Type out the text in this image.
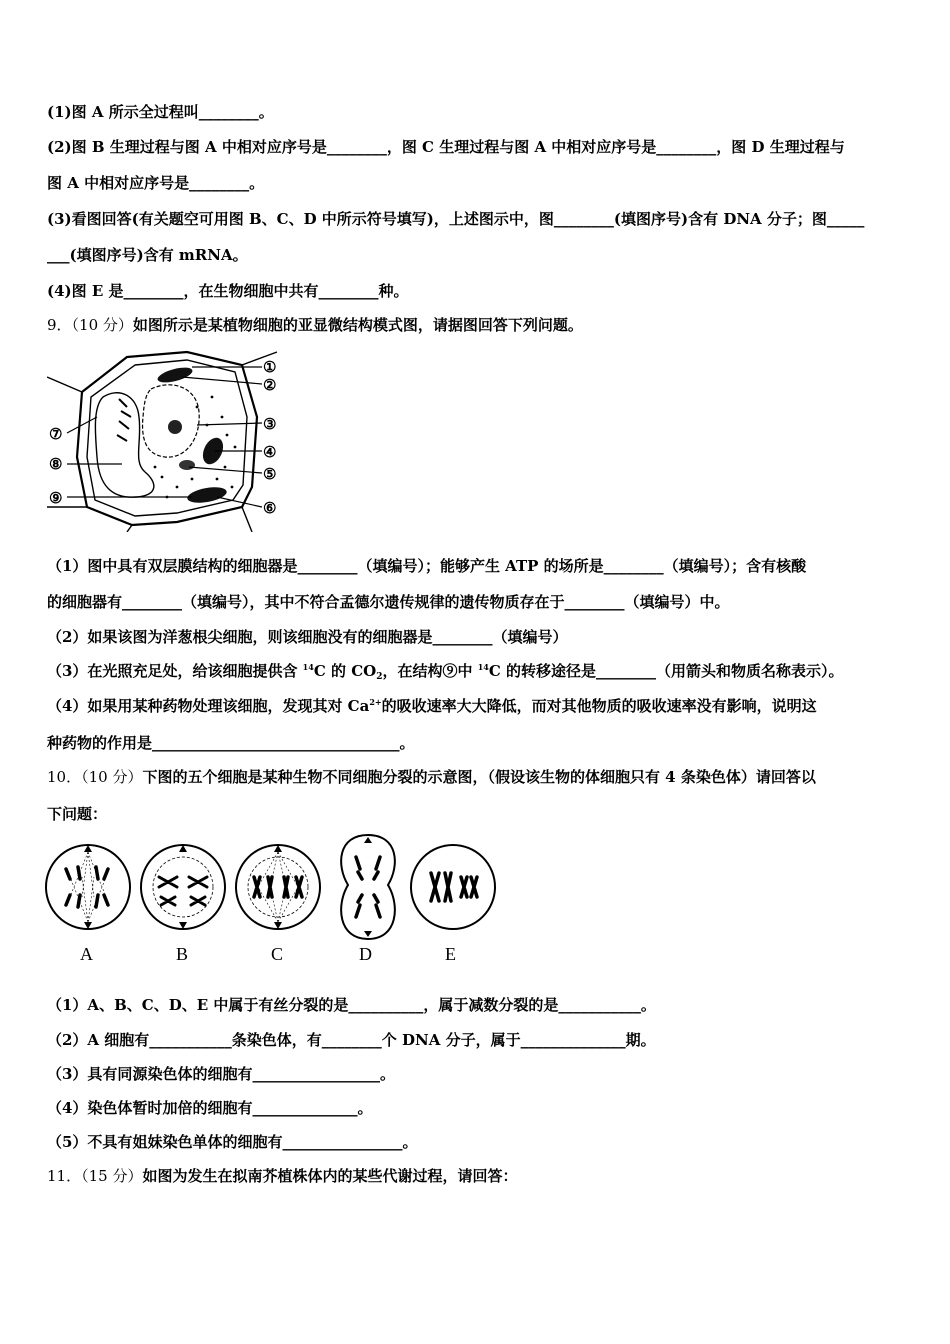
(1)图 A 所示全过程叫________。
(2)图 B 生理过程与图 A 中相对应序号是________，图 C 生理过程与图 A 中相对应序号是________，图 D 生理过程与
图 A 中相对应序号是________。
(3)看图回答(有关题空可用图 B、C、D 中所示符号填写)，上述图示中，图________(填图序号)含有 DNA 分子；图_____
___(填图序号)含有 mRNA。
(4)图 E 是________，在生物细胞中共有________种。
9．（10 分）如图所示是某植物细胞的亚显微结构模式图，请据图回答下列问题。
①
②
③
④
⑤
⑥
⑦
⑧
⑨
（1）图中具有双层膜结构的细胞器是________（填编号）；能够产生 ATP 的场所是________（填编号）；含有核酸
的细胞器有________（填编号），其中不符合孟德尔遗传规律的遗传物质存在于________（填编号）中。
（2）如果该图为洋葱根尖细胞，则该细胞没有的细胞器是________（填编号）
（3）在光照充足处，给该细胞提供含 $^{14}$C 的 $CO_2$，在结构⑨中 $^{14}$C 的转移途径是________（用箭头和物质名称表示）。
（4）如果用某种药物处理该细胞，发现其对 $Ca^{2+}$的吸收速率大大降低，而对其他物质的吸收速率没有影响，说明这
种药物的作用是_________________________________。
10．（10 分）下图的五个细胞是某种生物不同细胞分裂的示意图，（假设该生物的体细胞只有 4 条染色体）请回答以
下问题：
A	B	C	D	E
（1）A、B、C、D、E 中属于有丝分裂的是__________，属于减数分裂的是___________。
（2）A 细胞有___________条染色体，有________个 DNA 分子，属于______________期。
（3）具有同源染色体的细胞有_________________。
（4）染色体暂时加倍的细胞有______________。
（5）不具有姐妹染色单体的细胞有________________。
11．（15 分）如图为发生在拟南芥植株体内的某些代谢过程，请回答：
